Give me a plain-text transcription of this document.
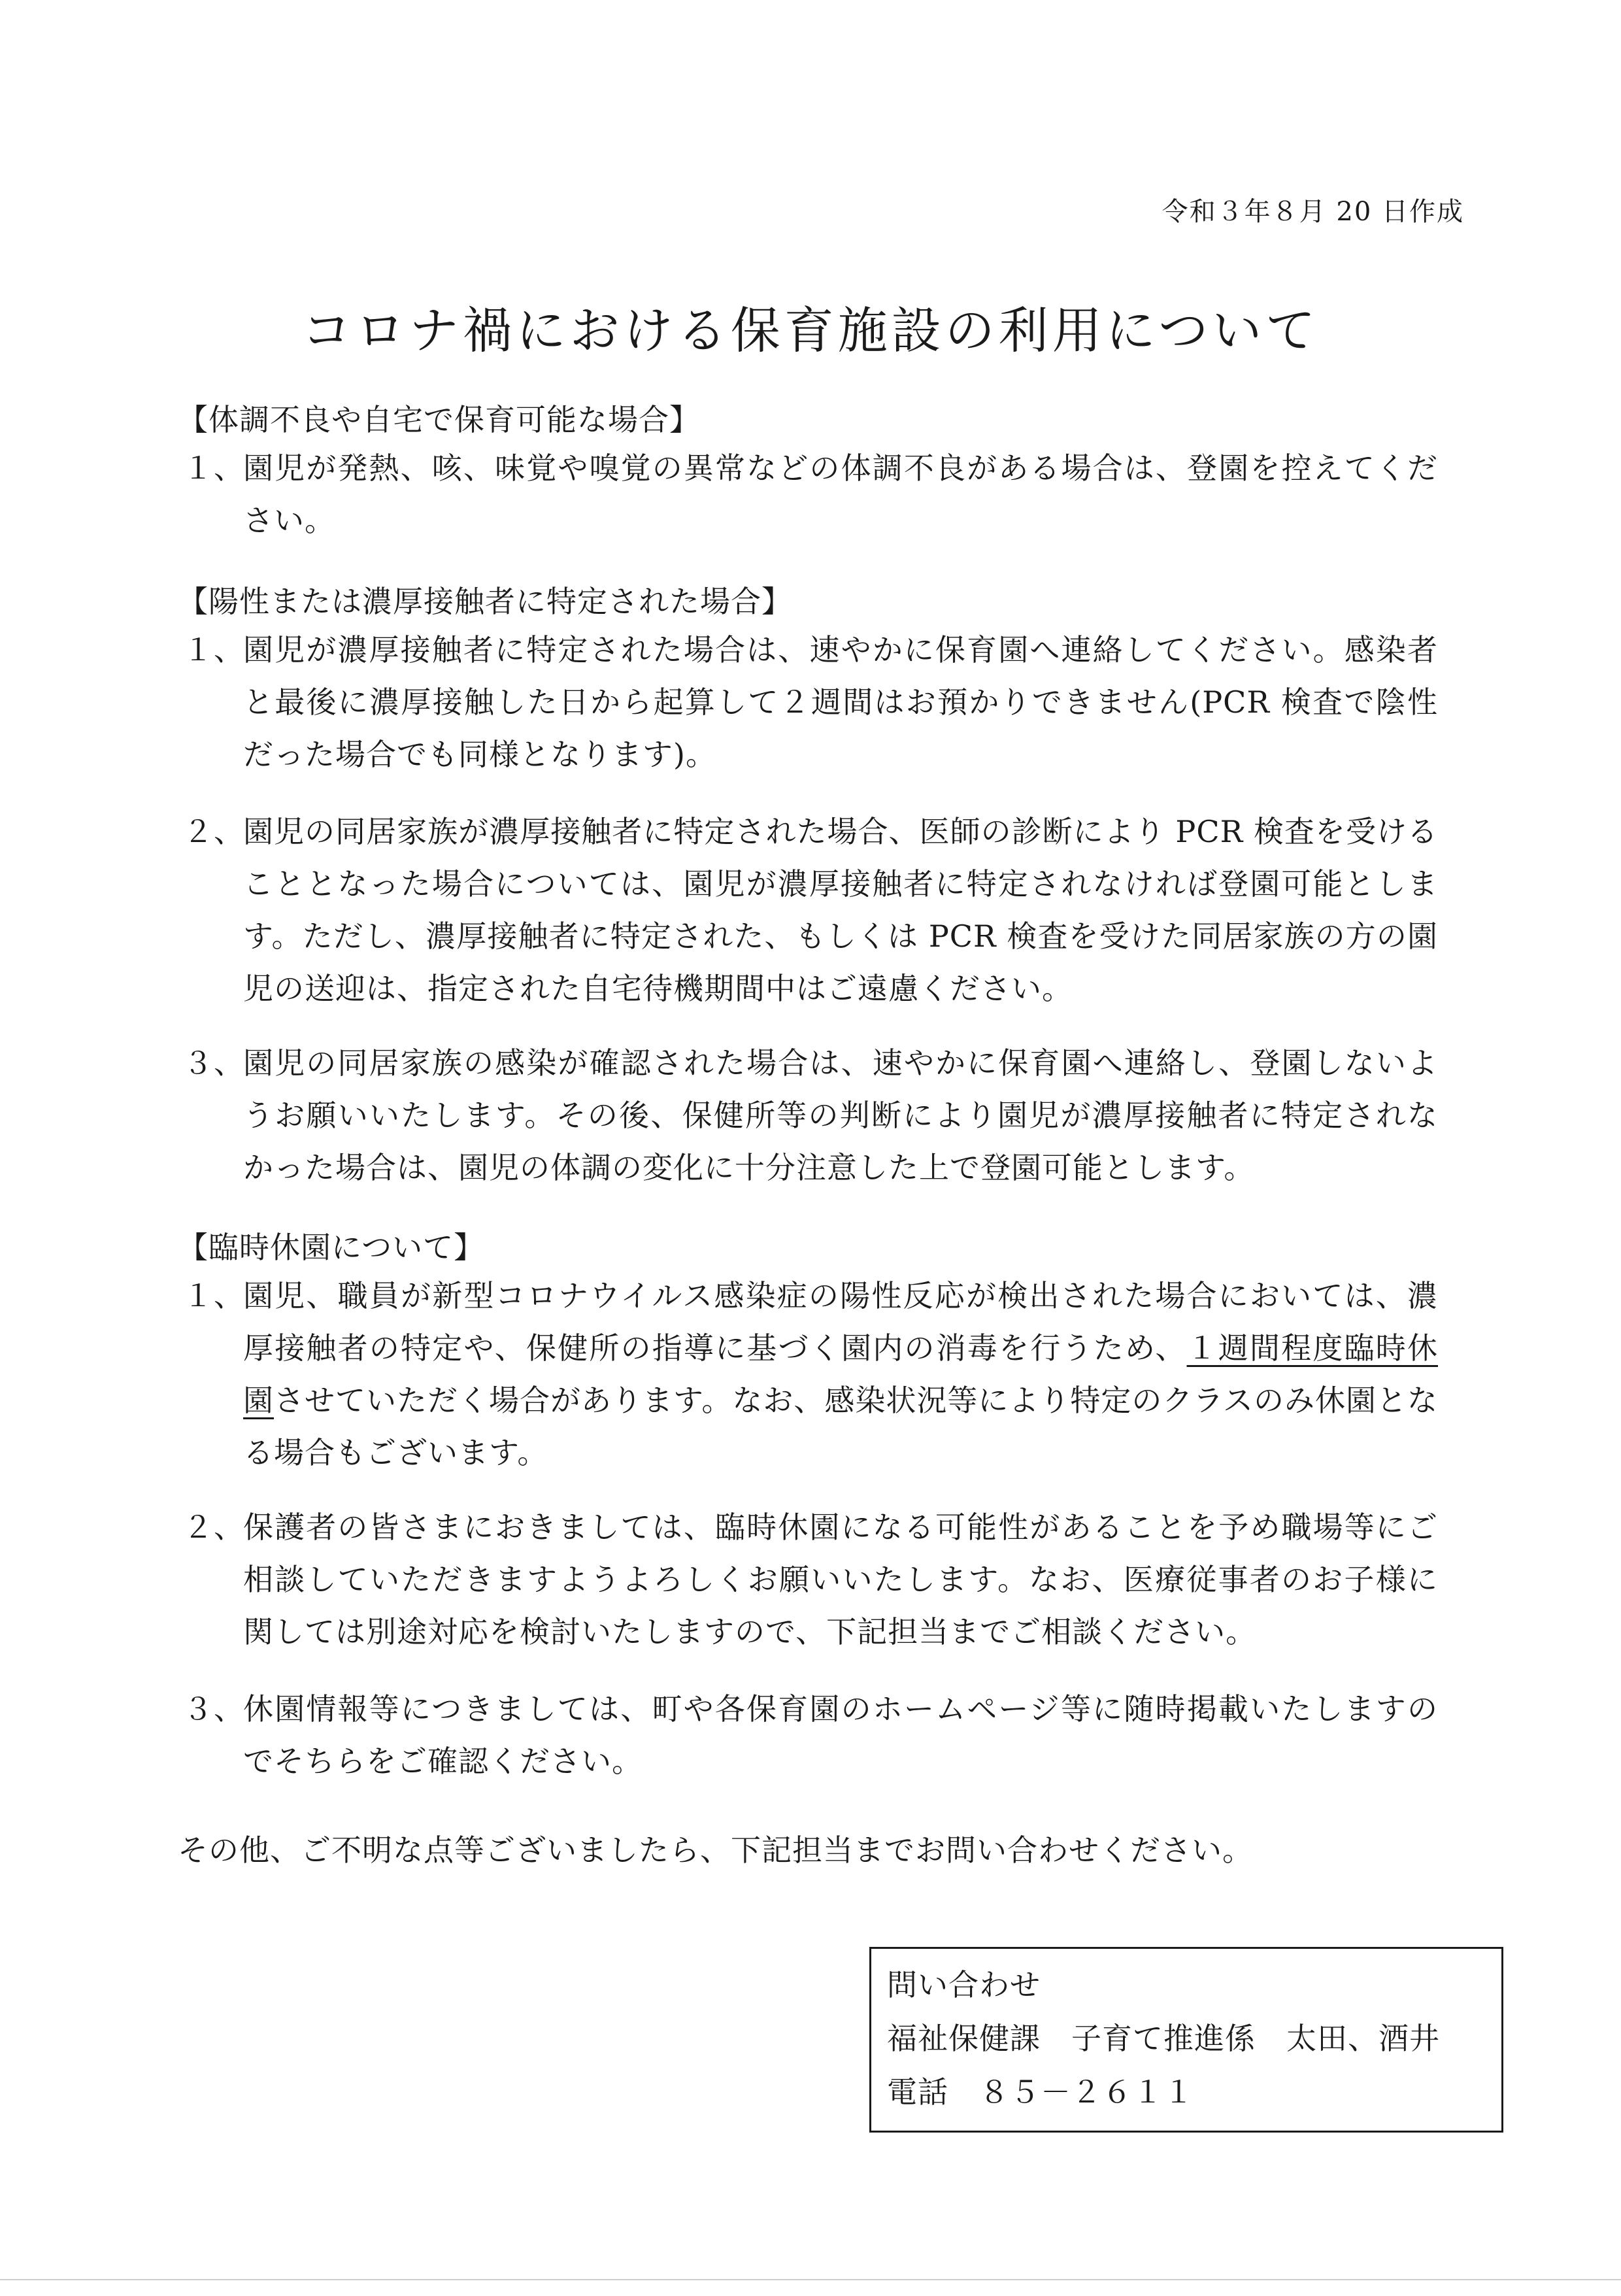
令和３年８月 20 日作成
コロナ禍における保育施設の利用について
【体調不良や自宅で保育可能な場合】
１、
園児が発熱、咳、味覚や嗅覚の異常などの体調不良がある場合は、登園を控えてください。
【陽性または濃厚接触者に特定された場合】
１、
園児が濃厚接触者に特定された場合は、速やかに保育園へ連絡してください。感染者と最後に濃厚接触した日から起算して２週間はお預かりできません(PCR 検査で陰性だった場合でも同様となります)。
２、
園児の同居家族が濃厚接触者に特定された場合、医師の診断により PCR 検査を受けることとなった場合については、園児が濃厚接触者に特定されなければ登園可能とします。ただし、濃厚接触者に特定された、もしくは PCR 検査を受けた同居家族の方の園児の送迎は、指定された自宅待機期間中はご遠慮ください。
３、
園児の同居家族の感染が確認された場合は、速やかに保育園へ連絡し、登園しないようお願いいたします。その後、保健所等の判断により園児が濃厚接触者に特定されなかった場合は、園児の体調の変化に十分注意した上で登園可能とします。
【臨時休園について】
１、
園児、職員が新型コロナウイルス感染症の陽性反応が検出された場合においては、濃厚接触者の特定や、保健所の指導に基づく園内の消毒を行うため、１週間程度臨時休園させていただく場合があります。なお、感染状況等により特定のクラスのみ休園となる場合もございます。
２、
保護者の皆さまにおきましては、臨時休園になる可能性があることを予め職場等にご相談していただきますようよろしくお願いいたします。なお、医療従事者のお子様に関しては別途対応を検討いたしますので、下記担当までご相談ください。
３、
休園情報等につきましては、町や各保育園のホームページ等に随時掲載いたしますのでそちらをご確認ください。
その他、ご不明な点等ございましたら、下記担当までお問い合わせください。
問い合わせ
福祉保健課　子育て推進係　太田、酒井
電話　８５－２６１１
